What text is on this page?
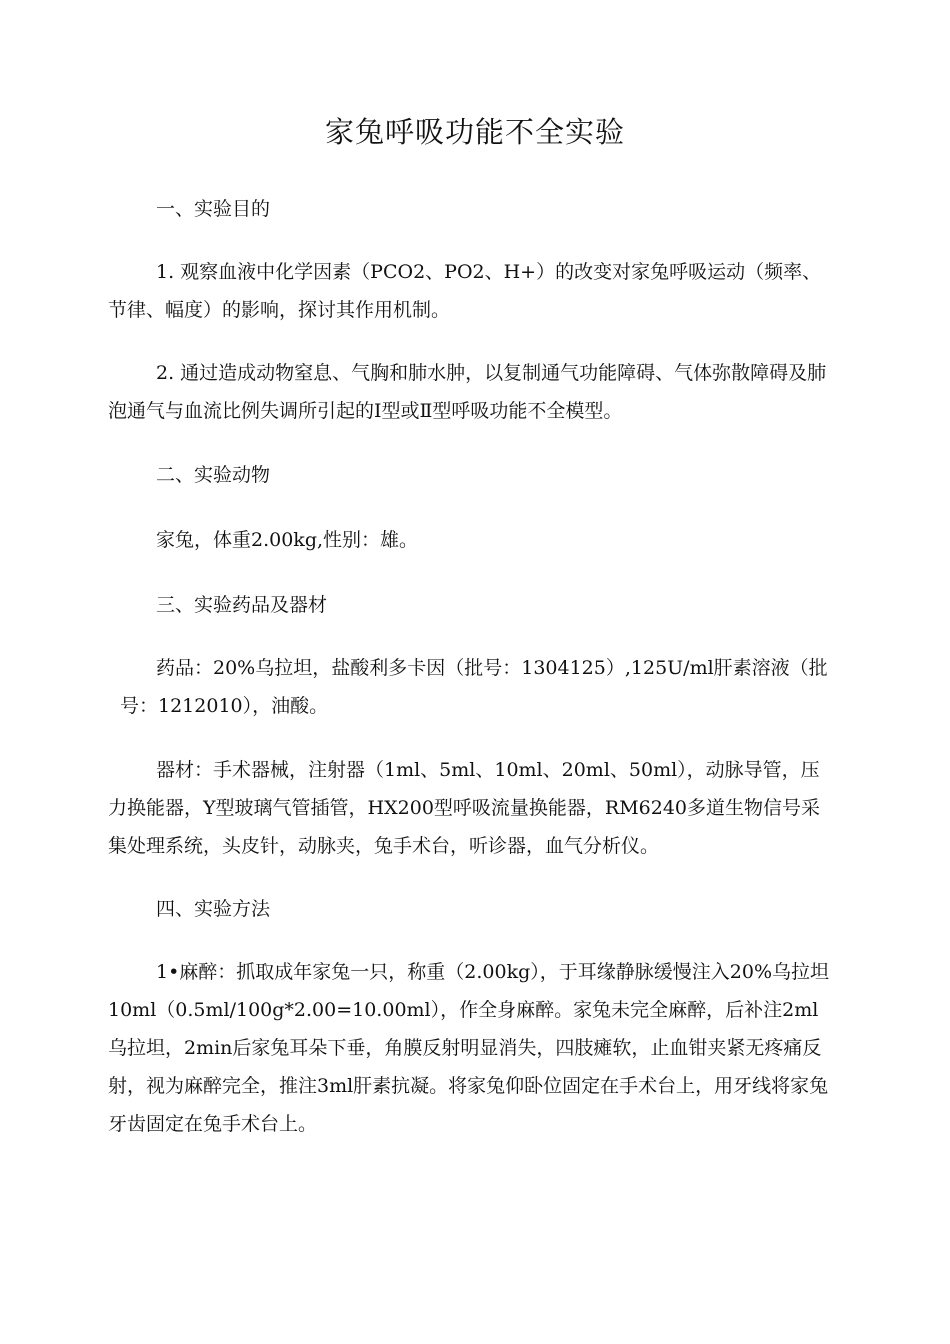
家兔呼吸功能不全实验

一、实验目的

1. 观察血液中化学因素（PCO2、PO2、H+）的改变对家兔呼吸运动（频率、节律、幅度）的影响，探讨其作用机制。

2. 通过造成动物窒息、气胸和肺水肿，以复制通气功能障碍、气体弥散障碍及肺泡通气与血流比例失调所引起的Ⅰ型或Ⅱ型呼吸功能不全模型。

二、实验动物

家兔，体重2.00kg,性别：雄。

三、实验药品及器材

药品：20%乌拉坦，盐酸利多卡因（批号：1304125）,125U/ml肝素溶液（批
号：1212010），油酸。

器材：手术器械，注射器（1ml、5ml、10ml、20ml、50ml），动脉导管，压力换能器，Y型玻璃气管插管，HX200型呼吸流量换能器，RM6240多道生物信号采集处理系统，头皮针，动脉夹，兔手术台，听诊器，血气分析仪。

四、实验方法

1•麻醉：抓取成年家兔一只，称重（2.00kg），于耳缘静脉缓慢注入20%乌拉坦10ml（0.5ml/100g*2.00=10.00ml），作全身麻醉。家兔未完全麻醉，后补注2ml乌拉坦，2min后家兔耳朵下垂，角膜反射明显消失，四肢瘫软，止血钳夹紧无疼痛反射，视为麻醉完全，推注3ml肝素抗凝。将家兔仰卧位固定在手术台上，用牙线将家兔牙齿固定在兔手术台上。
